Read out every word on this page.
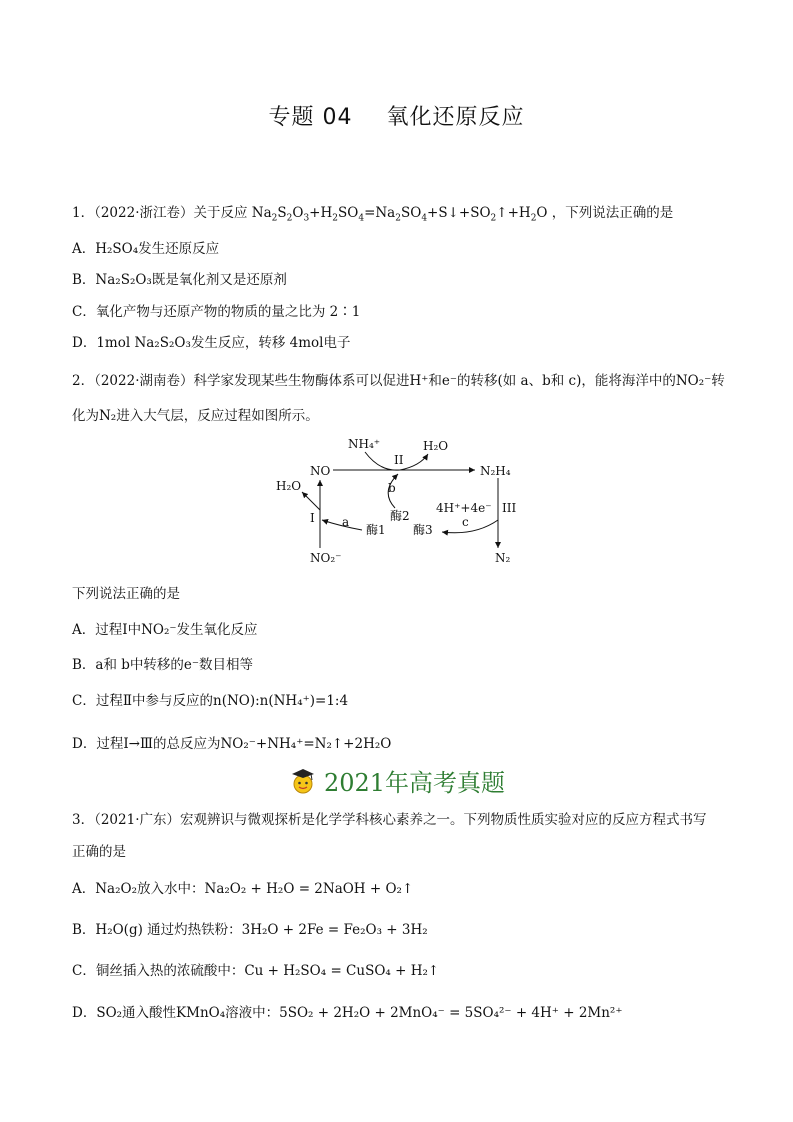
专题 04 氧化还原反应
1．（2022·浙江卷）关于反应 $Na_2S_2O_3+H_2SO_4=Na_2SO_4+S↓+SO_2↑+H_2O$ ，下列说法正确的是
A．H₂SO₄发生还原反应
B．Na₂S₂O₃既是氧化剂又是还原剂
C．氧化产物与还原产物的物质的量之比为 2∶1
D．1mol Na₂S₂O₃发生反应，转移 4mol电子
2．（2022·湖南卷）科学家发现某些生物酶体系可以促进H⁺和e⁻的转移(如 a、b和 c)，能将海洋中的NO₂⁻转
化为N₂进入大气层，反应过程如图所示。
NH₄⁺	H₂O
NO	N₂H₄
H₂O
NO₂⁻	N₂
II
I
III
b
a	c
酶2
酶1 酶3
4H⁺+4e⁻
下列说法正确的是
A．过程Ⅰ中NO₂⁻发生氧化反应
B．a和 b中转移的e⁻数目相等
C．过程Ⅱ中参与反应的n(NO):n(NH₄⁺)=1:4
D．过程Ⅰ→Ⅲ的总反应为NO₂⁻+NH₄⁺=N₂↑+2H₂O
2021年高考真题
3．（2021·广东）宏观辨识与微观探析是化学学科核心素养之一。下列物质性质实验对应的反应方程式书写
正确的是
A．Na₂O₂放入水中：Na₂O₂ + H₂O = 2NaOH + O₂↑
B．H₂O(g) 通过灼热铁粉：3H₂O + 2Fe = Fe₂O₃ + 3H₂
C．铜丝插入热的浓硫酸中：Cu + H₂SO₄ = CuSO₄ + H₂↑
D．SO₂通入酸性KMnO₄溶液中：5SO₂ + 2H₂O + 2MnO₄⁻ = 5SO₄²⁻ + 4H⁺ + 2Mn²⁺
